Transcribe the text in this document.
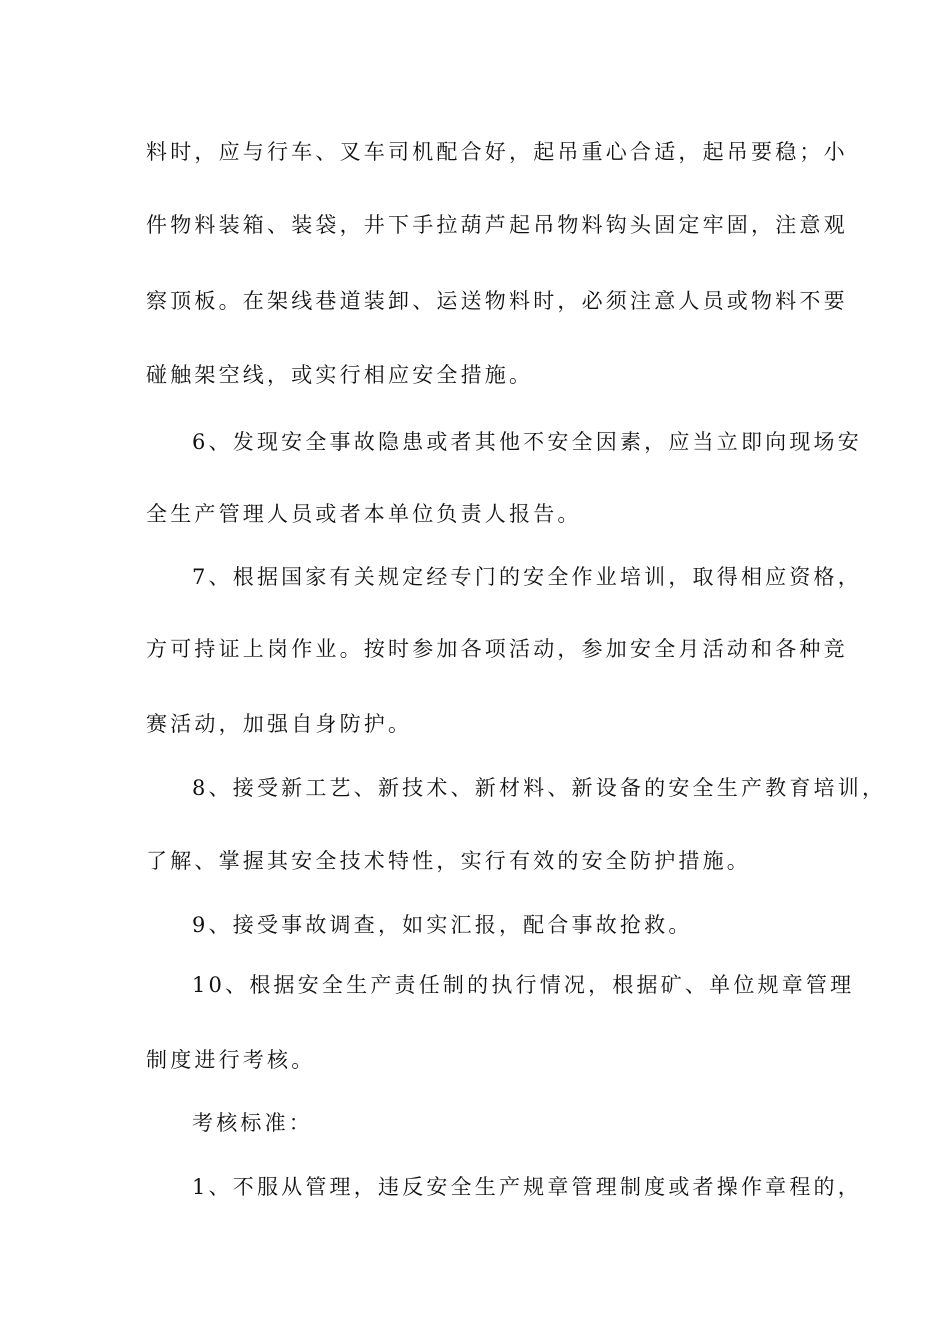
料时，应与行车、叉车司机配合好，起吊重心合适，起吊要稳；小

件物料装箱、装袋，井下手拉葫芦起吊物料钩头固定牢固，注意观

察顶板。在架线巷道装卸、运送物料时，必须注意人员或物料不要

碰触架空线，或实行相应安全措施。

6、发现安全事故隐患或者其他不安全因素，应当立即向现场安

全生产管理人员或者本单位负责人报告。

7、根据国家有关规定经专门的安全作业培训，取得相应资格，

方可持证上岗作业。按时参加各项活动，参加安全月活动和各种竞

赛活动，加强自身防护。

8、接受新工艺、新技术、新材料、新设备的安全生产教育培训，

了解、掌握其安全技术特性，实行有效的安全防护措施。

9、接受事故调查，如实汇报，配合事故抢救。

10、根据安全生产责任制的执行情况，根据矿、单位规章管理

制度进行考核。

考核标准：

1、不服从管理，违反安全生产规章管理制度或者操作章程的，
